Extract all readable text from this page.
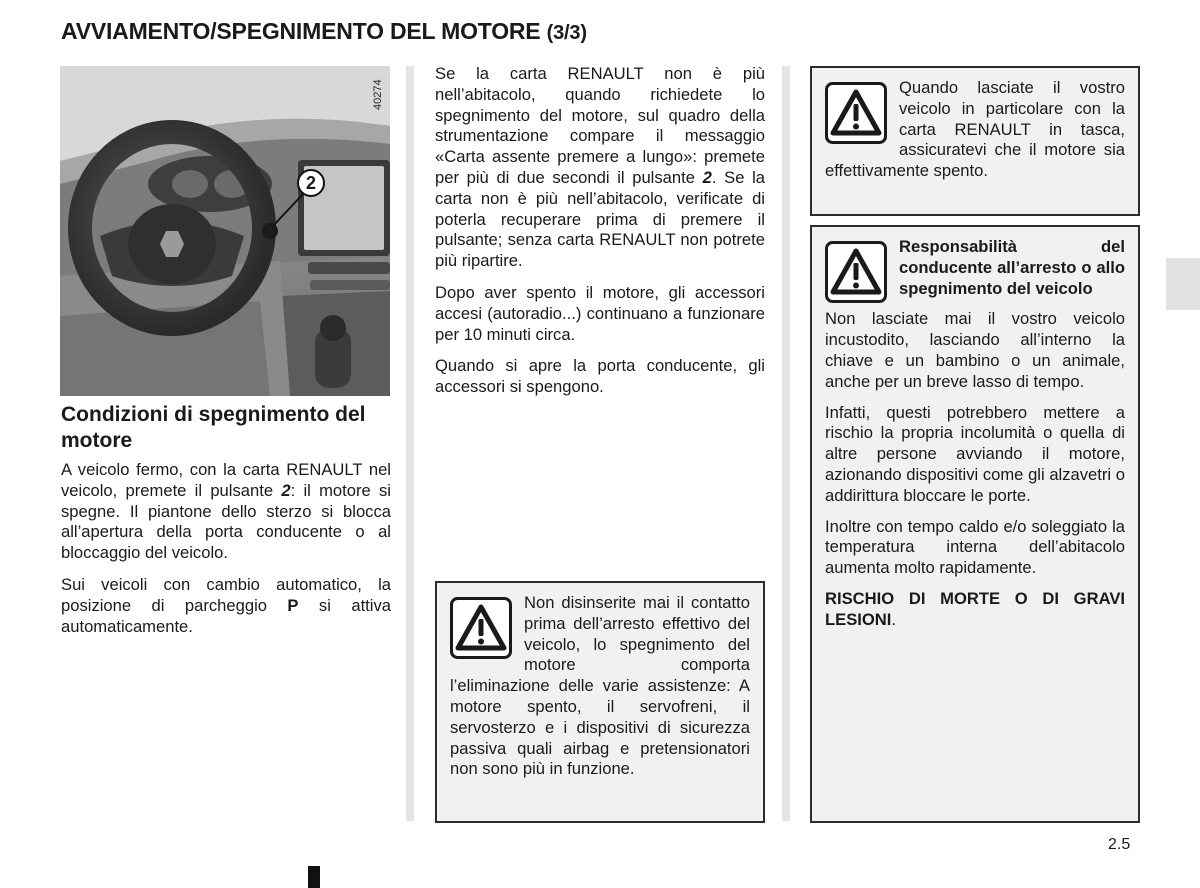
AVVIAMENTO/SPEGNIMENTO DEL MOTORE (3/3)
2
40274
Condizioni di spegnimento del motore

A veicolo fermo, con la carta RENAULT nel veicolo, premete il pulsante 2: il motore si spegne. Il piantone dello sterzo si blocca all’apertura della porta conducente o al bloccaggio del veicolo.

Sui veicoli con cambio automatico, la posizione di parcheggio P si attiva automaticamente.

Se la carta RENAULT non è più nell’abitacolo, quando richiedete lo spegnimento del motore, sul quadro della strumentazione compare il messaggio «Carta assente premere a lungo»: premete per più di due secondi il pulsante 2. Se la carta non è più nell’abitacolo, verificate di poterla recuperare prima di premere il pulsante; senza carta RENAULT non potrete più ripartire.

Dopo aver spento il motore, gli accessori accesi (autoradio...) continuano a funzionare per 10 minuti circa.

Quando si apre la porta conducente, gli accessori si spengono.

Non disinserite mai il contatto prima dell’arresto effettivo del veicolo, lo spegnimento del motore comporta l’eliminazione delle varie assistenze: A motore spento, il servofreni, il servosterzo e i dispositivi di sicurezza passiva quali airbag e pretensionatori non sono più in funzione.

Quando lasciate il vostro veicolo in particolare con la carta RENAULT in tasca, assicuratevi che il motore sia effettivamente spento.

Responsabilità del conducente all’arresto o allo spegnimento del veicolo

Non lasciate mai il vostro veicolo incustodito, lasciando all’interno la chiave e un bambino o un animale, anche per un breve lasso di tempo.

Infatti, questi potrebbero mettere a rischio la propria incolumità o quella di altre persone avviando il motore, azionando dispositivi come gli alzavetri o addirittura bloccare le porte.

Inoltre con tempo caldo e/o soleggiato la temperatura interna dell’abitacolo aumenta molto rapidamente.

RISCHIO DI MORTE O DI GRAVI LESIONI.

2.5
